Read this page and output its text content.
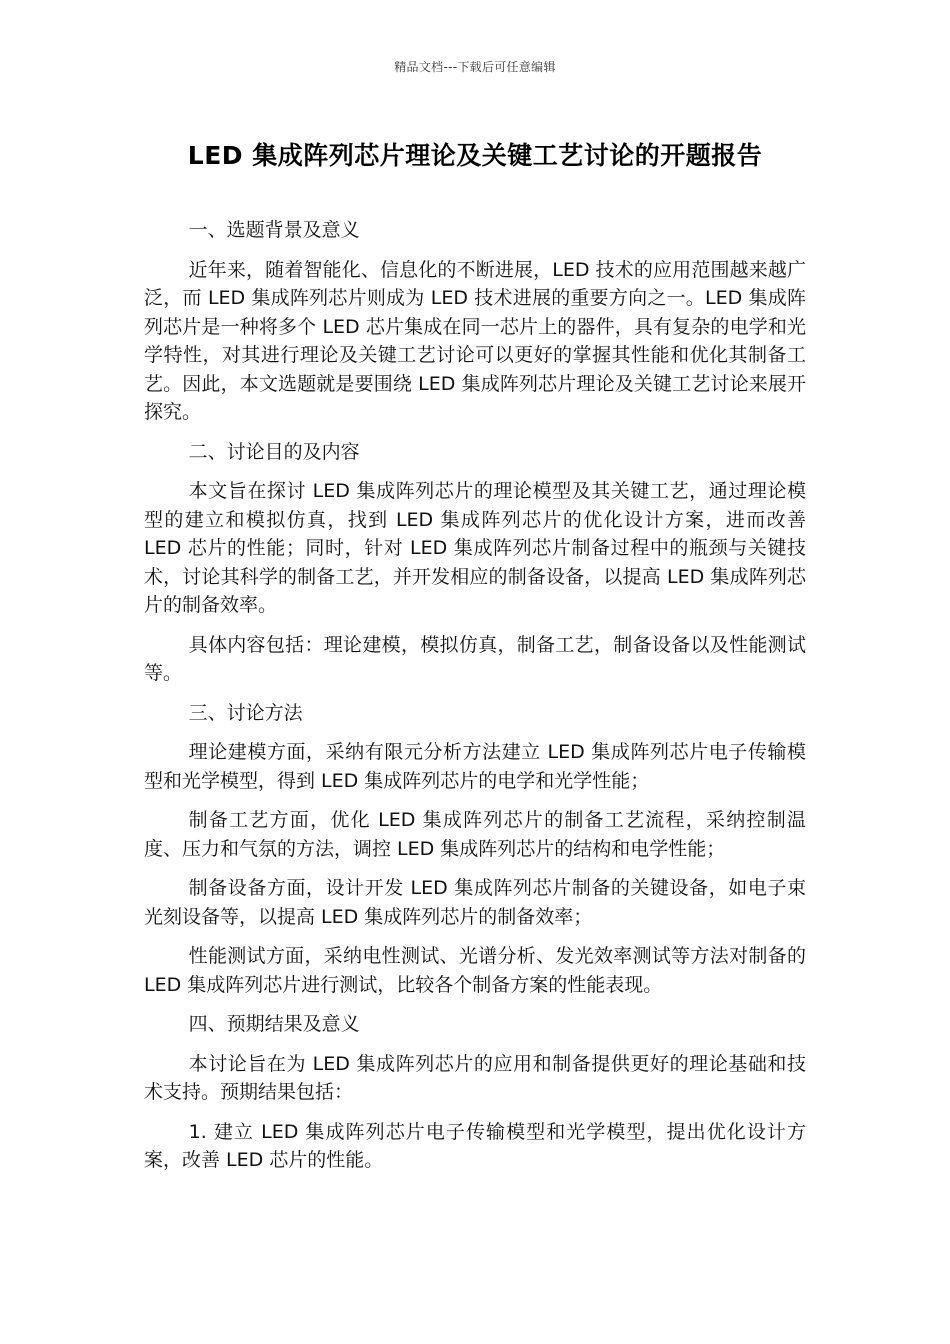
精品文档---下载后可任意编辑
LED 集成阵列芯片理论及关键工艺讨论的开题报告

一、选题背景及意义

近年来，随着智能化、信息化的不断进展，LED 技术的应用范围越来越广泛，而 LED 集成阵列芯片则成为 LED 技术进展的重要方向之一。LED 集成阵列芯片是一种将多个 LED 芯片集成在同一芯片上的器件，具有复杂的电学和光学特性，对其进行理论及关键工艺讨论可以更好的掌握其性能和优化其制备工艺。因此，本文选题就是要围绕 LED 集成阵列芯片理论及关键工艺讨论来展开探究。

二、讨论目的及内容

本文旨在探讨 LED 集成阵列芯片的理论模型及其关键工艺，通过理论模型的建立和模拟仿真，找到 LED 集成阵列芯片的优化设计方案，进而改善 LED 芯片的性能；同时，针对 LED 集成阵列芯片制备过程中的瓶颈与关键技术，讨论其科学的制备工艺，并开发相应的制备设备，以提高 LED 集成阵列芯片的制备效率。

具体内容包括：理论建模，模拟仿真，制备工艺，制备设备以及性能测试等。

三、讨论方法

理论建模方面，采纳有限元分析方法建立 LED 集成阵列芯片电子传输模型和光学模型，得到 LED 集成阵列芯片的电学和光学性能；

制备工艺方面，优化 LED 集成阵列芯片的制备工艺流程，采纳控制温度、压力和气氛的方法，调控 LED 集成阵列芯片的结构和电学性能；

制备设备方面，设计开发 LED 集成阵列芯片制备的关键设备，如电子束光刻设备等，以提高 LED 集成阵列芯片的制备效率；

性能测试方面，采纳电性测试、光谱分析、发光效率测试等方法对制备的 LED 集成阵列芯片进行测试，比较各个制备方案的性能表现。

四、预期结果及意义

本讨论旨在为 LED 集成阵列芯片的应用和制备提供更好的理论基础和技术支持。预期结果包括：

1. 建立 LED 集成阵列芯片电子传输模型和光学模型，提出优化设计方案，改善 LED 芯片的性能。
